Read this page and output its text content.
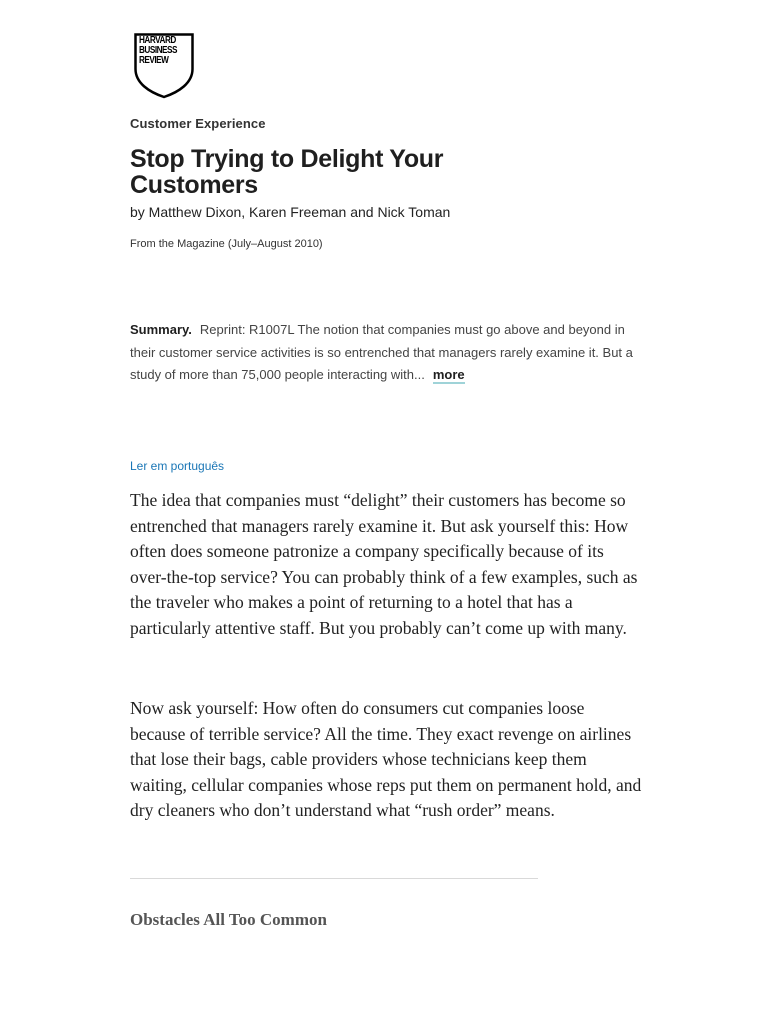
HARVARD
BUSINESS
REVIEW
Customer Experience
Stop Trying to Delight Your Customers
by Matthew Dixon, Karen Freeman and Nick Toman
From the Magazine (July–August 2010)
Summary. Reprint: R1007L The notion that companies must go above and beyond in their customer service activities is so entrenched that managers rarely examine it. But a study of more than 75,000 people interacting with... more
Ler em português

The idea that companies must “delight” their customers has become so entrenched that managers rarely examine it. But ask yourself this: How often does someone patronize a company specifically because of its over-the-top service? You can probably think of a few examples, such as the traveler who makes a point of returning to a hotel that has a particularly attentive staff. But you probably can’t come up with many.

Now ask yourself: How often do consumers cut companies loose because of terrible service? All the time. They exact revenge on airlines that lose their bags, cable providers whose technicians keep them waiting, cellular companies whose reps put them on permanent hold, and dry cleaners who don’t understand what “rush order” means.

Obstacles All Too Common
